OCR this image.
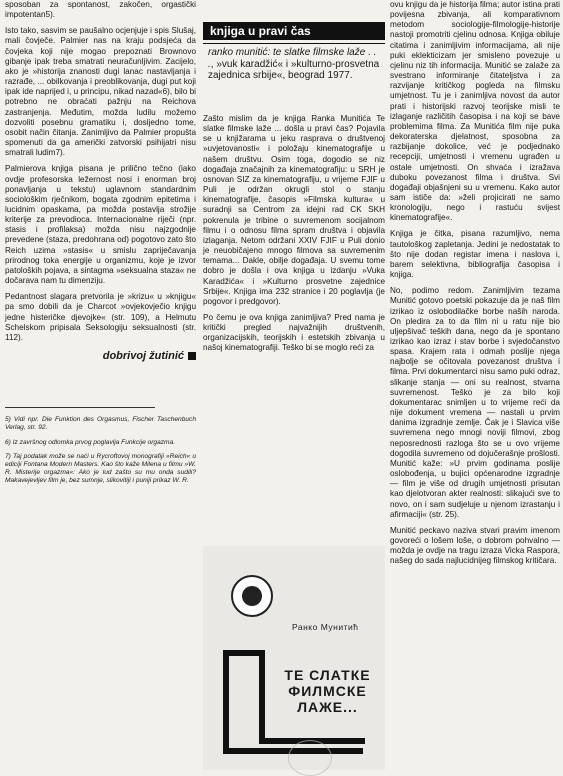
sposoban za spontanost, zakočen, orgastički impotentan5).

Isto tako, sasvim se paušalno ocjenjuje i spis Slušaj, mali čovječe. Palmier nas na kraju podsjeća da čovjeka koji nije mogao prepoznati Brownovo gibanje ipak treba smatrati neuračunljivim. Zacijelo, ako je »historija znanosti dugi lanac nastavljanja i razrađe, ... obilkovanja i preoblikovanja, dugi put koji ipak ide naprijed i, u principu, nikad nazad«6), bilo bi potrebno ne obraćati pažnju na Reichova zastranjenja. Međutim, možda ludilu možemo dozvoliti posebnu gramatiku i, dosljedno tome, osobit način čitanja. Zanimljivo da Palmier propušta spomenuti da ga američki zatvorski psihijatri nisu smatrali ludim7).

Palmierova knjiga pisana je prilično tečno (iako ovdje profesorska ležernost nosi i enorman broj ponavljanja u tekstu) uglavnom standardnim sociološkim rječnikom, bogata zgodnim epitetima i lucidnim opaskama, pa možda postavlja strožije kriterije za prevodioca. Internacionalne riječi (npr. stasis i profilaksa) možda nisu najzgodnije prevedene (staza, predohrana od) pogotovo zato što Reich uzima »stasis« u smislu zapriječavanja prirodnog toka energije u organizmu, koje je izvor patoloških pojava, a sintagma »seksualna staza« ne dočarava nam tu dimenziju.

Pedantnost slagara pretvorila je »krizu« u »knjigu« pa smo dobili da je Charcot »ovjekovječio knjigu jedne histeričke djevojke« (str. 109), a Helmutu Schelskom pripisala Seksologiju seksualnosti (str. 112).

dobrivoj žutinić

5) Vidi npr. Die Funktion des Orgasmus, Fischer Taschenbuch Verlag, str. 92.

6) Iz završnog odlomka prvog poglavlja Funkcije orgazma.

7) Taj podatak može se naći u Rycroftovoj monografiji »Reich« u ediciji Fontana Modern Masters. Kao što kaže Milena u filmu »W. R. Misterije orgazma«: Ako je lud zašto su mu onda sudili? Makavejevljev film je, bez sumnje, slikovitiji i puniji prikaz W. R.

knjiga u pravi čas
ranko munitić: te slatke filmske laže . . ., »vuk karadžić« i »kulturno-prosvetna zajednica srbije«, beograd 1977.

Zašto mislim da je knjiga Ranka Munitića Te slatke filmske laže ... došla u pravi čas? Pojavila se u knjižarama u jeku rasprava o društvenoj »uvjetovanosti« i položaju kinematografije u našem društvu. Osim toga, dogodio se niz događaja značajnih za kinematografiju: u SRH je osnovan SIZ za kinematografiju, u vrijeme FJIF u Puli je održan okrugli stol o stanju kinematografije, časopis »Filmska kultura« u suradnji sa Centrom za idejni rad CK SKH pokrenula je tribine o suvremenom socijalnom filmu i o odnosu filma spram društva i objavila izlaganja. Netom održani XXIV FJIF u Puli donio je neuobičajeno mnogo filmova sa suvremenim temama... Dakle, obilje događaja. U svemu tome dobro je došla i ova knjiga u izdanju »Vuka Karadžića« i »Kulturno prosvetne zajednice Srbije«. Knjiga ima 232 stranice i 20 poglavlja (je pogovor i predgovor).

Po čemu je ova knjiga zanimljiva? Pred nama je kritički pregled najvažnijih društvenih, organizacijskih, teorijskih i estetskih zbivanja u našoj kinematografiji. Teško bi se moglo reći za

Ранко Мунитић
ТЕ СЛАТКЕ ФИЛМСКЕ ЛАЖЕ...

ovu knjigu da je historija filma; autor istina prati povijesna zbivanja, ali komparativnom metodom sociologije-filmologije-historije nastoji promotriti cjelinu odnosa. Knjiga obiluje citatima i zanimljivim informacijama, ali nije puki eklekticizam jer smisleno povezuje u cjelinu niz tih informacija. Munitić se zalaže za svestrano informiranje čitateljstva i za razvijanje kritičkog pogleda na filmsku umjetnost. Tu je i zanimljiva novost da autor prati i historijski razvoj teorijske misli te izlaganje različitih časopisa i na koji se bave problemima filma. Za Munitića film nije puka dekoraterska djelatnost, sposobna za razbijanje dokolice, već je podjednako recepciji, umjetnosti i vremenu ugrađen u ostale umjetnosti. On shvaća i izražava duboku povezanost filma i društva. Svi događaji objašnjeni su u vremenu. Kako autor sam ističe da: »želi projicirati ne samo kronologiju, nego i rastuću svijest kinematografije«.

Knjiga je čitka, pisana razumljivo, nema tautološkog zapletanja. Jedini je nedostatak to što nije dodan registar imena i naslova i, barem selektivna, bibliografija časopisa i knjiga.

No, podimo redom. Zanimljivim tezama Munitić gotovo poetski pokazuje da je naš film izrikao iz oslobodilačke borbe naših naroda. On pledira za to da film ni u ratu nije bio uljepšivač teških dana, nego da je spontano izrikao kao izraz i stav borbe i svjedočanstvo spasa. Krajem rata i odmah poslije njega najbolje se očitovala povezanost društva i filma. Prvi dokumentarci nisu samo puki odraz, slikanje stanja — oni su realnost, stvarna suvremenost. Teško je za bilo koji dokumentarac snimljen u to vrijeme reći da nije dokument vremena — nastali u prvim danima izgradnje zemlje. Čak je i Slavica više suvremena nego mnogi noviji filmovi, zbog neposrednosti razloga što se u ovo vrijeme dogodila suvremeno od dojučerašnje prošlosti. Munitić kaže: »U prvim godinama poslije oslobođenja, u bujici općenarodne izgradnje — film je više od drugih umjetnosti prisutan kao djelotvoran akter realnosti: slikajući sve to novo, on i sam sudjeluje u njenom izrastanju i afirmaciji« (str. 25).

Munitić peckavo naziva stvari pravim imenom govoreći o lošem loše, o dobrom pohvalno — možda je ovdje na tragu izraza Vicka Raspora, našeg do sada najlucidnijeg filmskog kritičara.
